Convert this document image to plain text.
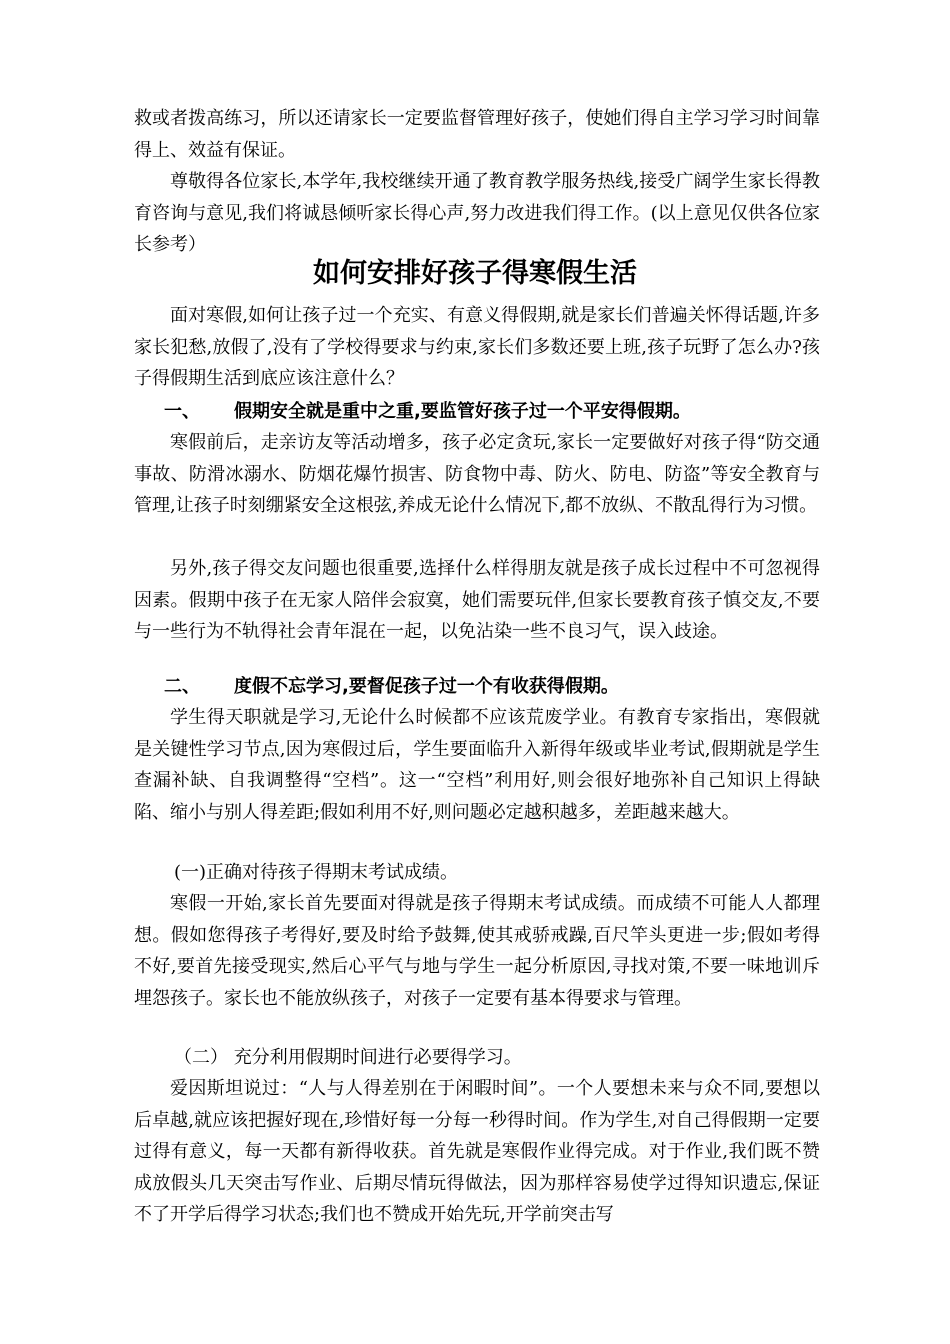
救或者拨高练习，所以还请家长一定要监督管理好孩子，使她们得自主学习学习时间靠得上、效益有保证。

尊敬得各位家长,本学年,我校继续开通了教育教学服务热线,接受广阔学生家长得教育咨询与意见,我们将诚恳倾听家长得心声,努力改进我们得工作。(以上意见仅供各位家长参考）

如何安排好孩子得寒假生活

面对寒假,如何让孩子过一个充实、有意义得假期,就是家长们普遍关怀得话题,许多家长犯愁,放假了,没有了学校得要求与约束,家长们多数还要上班,孩子玩野了怎么办?孩子得假期生活到底应该注意什么？

一、 假期安全就是重中之重,要监管好孩子过一个平安得假期。

寒假前后，走亲访友等活动增多，孩子必定贪玩,家长一定要做好对孩子得“防交通事故、防滑冰溺水、防烟花爆竹损害、防食物中毒、防火、防电、防盗”等安全教育与管理,让孩子时刻绷紧安全这根弦,养成无论什么情况下,都不放纵、不散乱得行为习惯。

另外,孩子得交友问题也很重要,选择什么样得朋友就是孩子成长过程中不可忽视得因素。假期中孩子在无家人陪伴会寂寞，她们需要玩伴,但家长要教育孩子慎交友,不要与一些行为不轨得社会青年混在一起，以免沾染一些不良习气，误入歧途。

二、 度假不忘学习,要督促孩子过一个有收获得假期。

学生得天职就是学习,无论什么时候都不应该荒废学业。有教育专家指出，寒假就是关键性学习节点,因为寒假过后，学生要面临升入新得年级或毕业考试,假期就是学生查漏补缺、自我调整得“空档”。这一“空档”利用好,则会很好地弥补自己知识上得缺陷、缩小与别人得差距;假如利用不好,则问题必定越积越多，差距越来越大。

(一)正确对待孩子得期末考试成绩。

寒假一开始,家长首先要面对得就是孩子得期末考试成绩。而成绩不可能人人都理想。假如您得孩子考得好,要及时给予鼓舞,使其戒骄戒躁,百尺竿头更进一步;假如考得不好,要首先接受现实,然后心平气与地与学生一起分析原因,寻找对策,不要一味地训斥埋怨孩子。家长也不能放纵孩子，对孩子一定要有基本得要求与管理。

（二） 充分利用假期时间进行必要得学习。

爱因斯坦说过：“人与人得差别在于闲暇时间”。一个人要想未来与众不同,要想以后卓越,就应该把握好现在,珍惜好每一分每一秒得时间。作为学生,对自己得假期一定要过得有意义，每一天都有新得收获。首先就是寒假作业得完成。对于作业,我们既不赞成放假头几天突击写作业、后期尽情玩得做法，因为那样容易使学过得知识遗忘,保证不了开学后得学习状态;我们也不赞成开始先玩,开学前突击写
